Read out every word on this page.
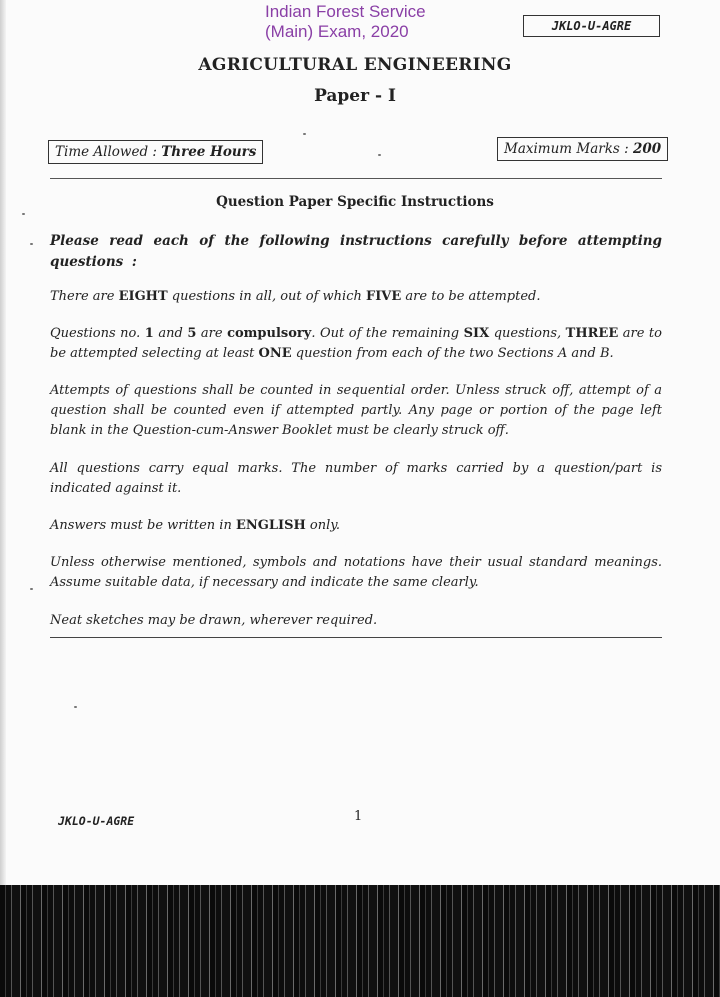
Indian Forest Service
(Main) Exam, 2020	JKLO-U-AGRE
AGRICULTURAL ENGINEERING
Paper - I
Time Allowed : Three Hours	Maximum Marks : 200
Question Paper Specific Instructions
Please read each of the following instructions carefully before attempting questions :
There are EIGHT questions in all, out of which FIVE are to be attempted.
Questions no. 1 and 5 are compulsory. Out of the remaining SIX questions, THREE are to be attempted selecting at least ONE question from each of the two Sections A and B.
Attempts of questions shall be counted in sequential order. Unless struck off, attempt of a question shall be counted even if attempted partly. Any page or portion of the page left blank in the Question-cum-Answer Booklet must be clearly struck off.
All questions carry equal marks. The number of marks carried by a question/part is indicated against it.
Answers must be written in ENGLISH only.
Unless otherwise mentioned, symbols and notations have their usual standard meanings. Assume suitable data, if necessary and indicate the same clearly.
Neat sketches may be drawn, wherever required.
JKLO-U-AGRE	1
